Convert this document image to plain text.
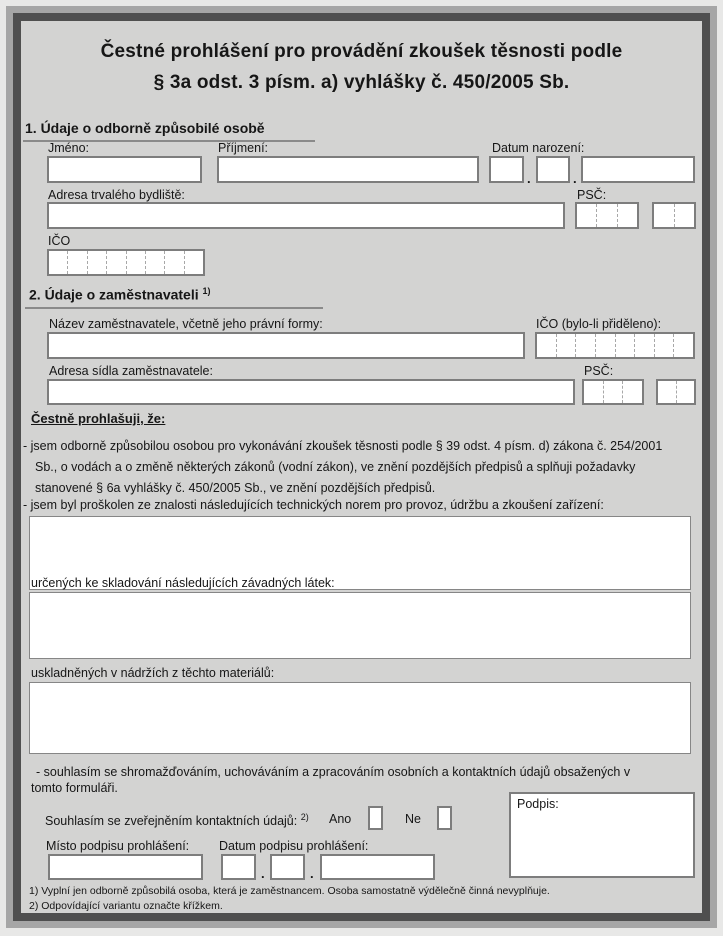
Čestné prohlášení pro provádění zkoušek těsnosti podle
§ 3a odst. 3 písm. a) vyhlášky č. 450/2005 Sb.
1. Údaje o odborně způsobilé osobě
Jméno:	Příjmení:	Datum narození:
.	.
Adresa trvalého bydliště:	PSČ:
IČO
2. Údaje o zaměstnavateli $^{1)}$
Název zaměstnavatele, včetně jeho právní formy:	IČO (bylo-li přiděleno):
Adresa sídla zaměstnavatele:	PSČ:
Čestně prohlašuji, že:
- jsem odborně způsobilou osobou pro vykonávání zkoušek těsnosti podle § 39 odst. 4 písm. d) zákona č. 254/2001 Sb., o vodách a o změně některých zákonů (vodní zákon), ve znění pozdějších předpisů a splňuji požadavky stanovené § 6a vyhlášky č. 450/2005 Sb., ve znění pozdějších předpisů.
- jsem byl proškolen ze znalosti následujících technických norem pro provoz, údržbu a zkoušení zařízení:
určených ke skladování následujících závadných látek:
uskladněných v nádržích z těchto materiálů:
- souhlasím se shromažďováním, uchováváním a zpracováním osobních a kontaktních údajů obsažených v tomto formuláři.
Podpis:
Souhlasím se zveřejněním kontaktních údajů: $^{2)}$ Ano	Ne
Místo podpisu prohlášení: Datum podpisu prohlášení:
.	.
1) Vyplní jen odborně způsobilá osoba, která je zaměstnancem. Osoba samostatně výdělečně činná nevyplňuje.
2) Odpovídající variantu označte křížkem.
